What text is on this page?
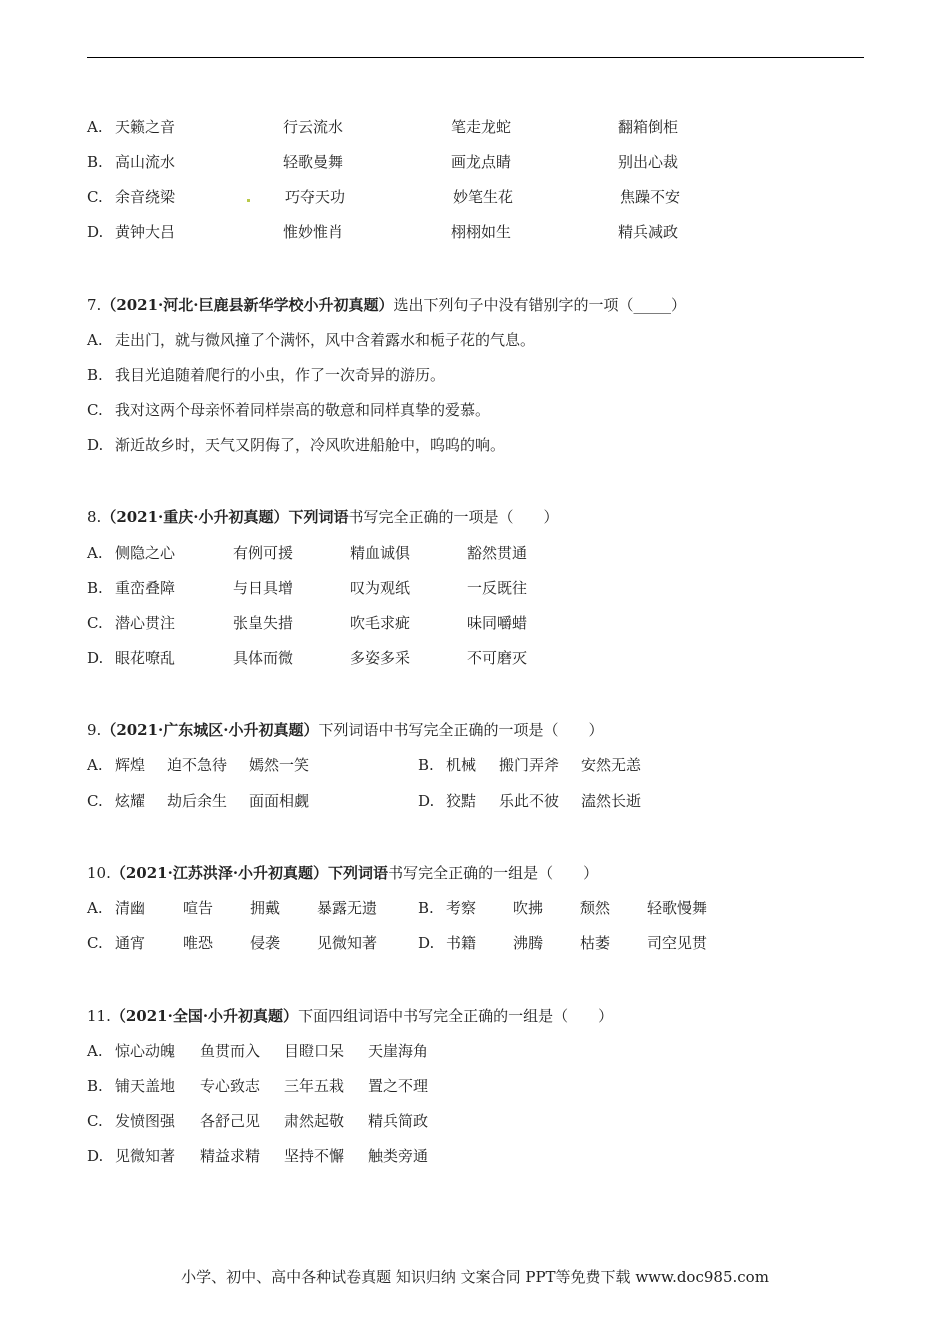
A. 天籁之音	行云流水	笔走龙蛇	翻箱倒柜
B. 高山流水	轻歌曼舞	画龙点睛	别出心裁
C. 余音绕梁	巧夺天功	妙笔生花	焦躁不安
D. 黄钟大吕	惟妙惟肖	栩栩如生	精兵减政
7.（2021·河北·巨鹿县新华学校小升初真题）选出下列句子中没有错别字的一项（_____）
A. 走出门，就与微风撞了个满怀，风中含着露水和栀子花的气息。
B. 我目光追随着爬行的小虫，作了一次奇异的游历。
C. 我对这两个母亲怀着同样崇高的敬意和同样真挚的爱慕。
D. 渐近故乡时，天气又阴侮了，冷风吹进船舱中，呜呜的响。
8.（2021·重庆·小升初真题）下列词语书写完全正确的一项是（　　）
A. 侧隐之心	有例可援	精血诚俱	豁然贯通
B. 重峦叠障	与日具增	叹为观纸	一反既往
C. 潜心贯注	张皇失措	吹毛求疵	味同嚼蜡
D. 眼花嘹乱	具体而微	多姿多采	不可磨灭
9.（2021·广东城区·小升初真题）下列词语中书写完全正确的一项是（　　）
A. 辉煌 迫不急待 嫣然一笑	B. 机械 搬门弄斧 安然无恙
C. 炫耀 劫后余生 面面相觑	D. 狡黠 乐此不彼 溘然长逝
10.（2021·江苏洪泽·小升初真题）下列词语书写完全正确的一组是（　　）
A. 清幽	喧告 拥戴 暴露无遗	B. 考察 吹拂 颓然 轻歌慢舞
C. 通宵	唯恐 侵袭 见微知著	D. 书籍 沸腾 枯萎 司空见贯
11.（2021·全国·小升初真题）下面四组词语中书写完全正确的一组是（　　）
A. 惊心动魄 鱼贯而入 目瞪口呆 天崖海角
B. 铺天盖地 专心致志 三年五栽 置之不理
C. 发愤图强 各舒己见 肃然起敬 精兵简政
D. 见微知著 精益求精 坚持不懈 触类旁通
小学、初中、高中各种试卷真题 知识归纳 文案合同 PPT等免费下载 www.doc985.com
